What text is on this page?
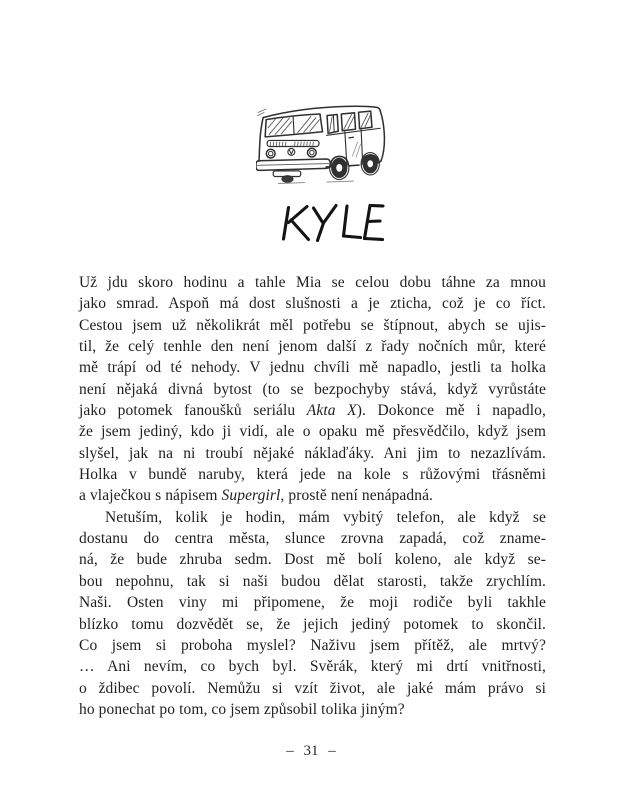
Už jdu skoro hodinu a tahle Mia se celou dobu táhne za mnou
jako smrad. Aspoň má dost slušnosti a je zticha, což je co říct.
Cestou jsem už několikrát měl potřebu se štípnout, abych se ujis-
til, že celý tenhle den není jenom další z řady nočních můr, které
mě trápí od té nehody. V jednu chvíli mě napadlo, jestli ta holka
není nějaká divná bytost (to se bezpochyby stává, když vyrůstáte
jako potomek fanoušků seriálu Akta X). Dokonce mě i napadlo,
že jsem jediný, kdo ji vidí, ale o opaku mě přesvědčilo, když jsem
slyšel, jak na ni troubí nějaké náklaďáky. Ani jim to nezazlívám.
Holka v bundě naruby, která jede na kole s růžovými třásněmi
a vlaječkou s nápisem Supergirl, prostě není nenápadná.
Netuším, kolik je hodin, mám vybitý telefon, ale když se
dostanu do centra města, slunce zrovna zapadá, což zname-
ná, že bude zhruba sedm. Dost mě bolí koleno, ale když se-
bou nepohnu, tak si naši budou dělat starosti, takže zrychlím.
Naši. Osten viny mi připomene, že moji rodiče byli takhle
blízko tomu dozvědět se, že jejich jediný potomek to skončil.
Co jsem si proboha myslel? Naživu jsem přítěž, ale mrtvý?
… Ani nevím, co bych byl. Svěrák, který mi drtí vnitřnosti,
o ždibec povolí. Nemůžu si vzít život, ale jaké mám právo si
ho ponechat po tom, co jsem způsobil tolika jiným?
– 31 –
